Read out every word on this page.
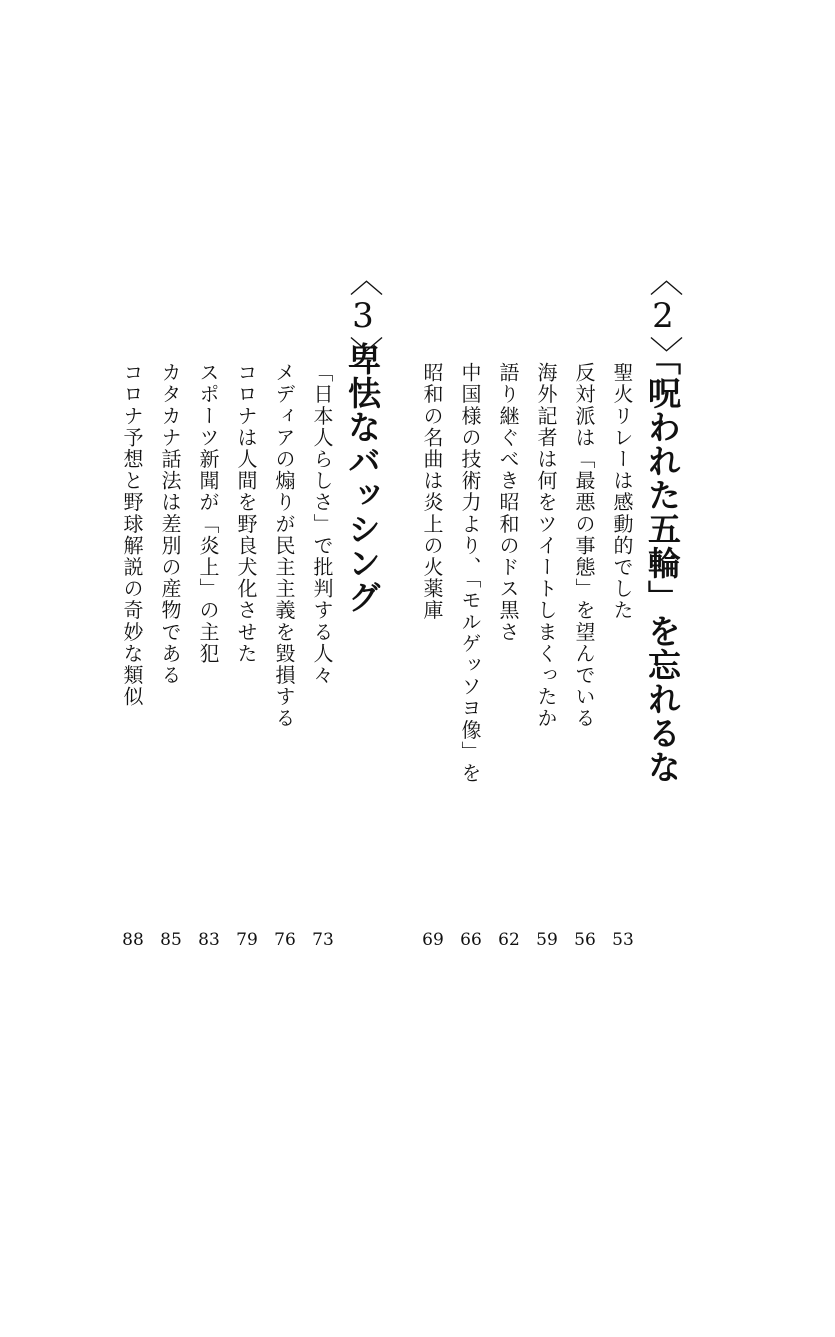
〈2〉
「呪われた五輪」を忘れるな
聖火リレーは感動的でした
反対派は「最悪の事態」を望んでいる
海外記者は何をツイートしまくったか
語り継ぐべき昭和のドス黒さ
中国様の技術力より、「モルゲッソヨ像」を
昭和の名曲は炎上の火薬庫
53
56
59
62
66
69
〈3〉
卑怯なバッシング
「日本人らしさ」で批判する人々
メディアの煽りが民主主義を毀損する
コロナは人間を野良犬化させた
スポーツ新聞が「炎上」の主犯
カタカナ話法は差別の産物である
コロナ予想と野球解説の奇妙な類似
73
76
79
83
85
88
